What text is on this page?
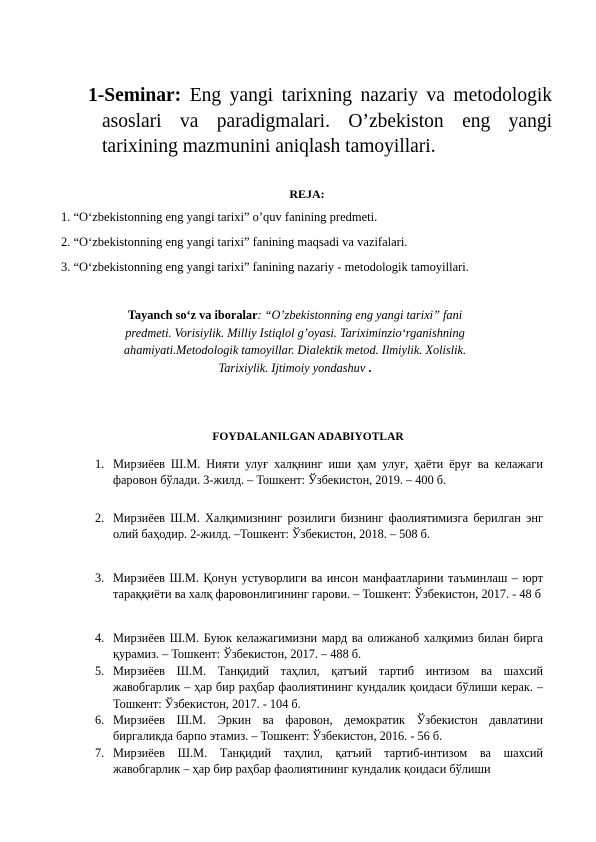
1-Seminar: Eng yangi tarixning nazariy va metodologik asoslari va paradigmalari. O’zbekiston eng yangi tarixining mazmunini aniqlash tamoyillari.
REJA:
1. “O‘zbekistonning eng yangi tarixi” o’quv fanining predmeti.
2. “O‘zbekistonning eng yangi tarixi” fanining maqsadi va vazifalari.
3. “O‘zbekistonning eng yangi tarixi” fanining nazariy - metodologik tamoyillari.
Tayanch so‘z va iboralar: “O’zbekistonning eng yangi tarixi” fani predmeti. Vorisiylik. Milliy Istiqlol g’oyasi. Tariximinzio‘rganishning ahamiyati.Metodologik tamoyillar. Dialektik metod. Ilmiylik. Xolislik. Tarixiylik. Ijtimoiy yondashuv .
FOYDALANILGAN ADABIYOTLAR
1. Мирзиёев Ш.М. Нияти улуғ халқнинг иши ҳам улуғ, ҳаёти ёруғ ва келажаги фаровон бўлади. 3-жилд. – Тошкент: Ўзбекистон, 2019. – 400 б.
2. Мирзиёев Ш.М. Халқимизнинг розилиги бизнинг фаолиятимизга берилган энг олий баҳодир. 2-жилд. –Тошкент: Ўзбекистон, 2018. – 508 б.
3. Мирзиёев Ш.М. Қонун устуворлиги ва инсон манфаатларини таъминлаш – юрт тараққиёти ва халқ фаровонлигининг гарови. – Тошкент: Ўзбекистон, 2017. - 48 б
4. Мирзиёев Ш.М. Буюк келажагимизни мард ва олижаноб халқимиз билан бирга қурамиз. – Тошкент: Ўзбекистон, 2017. – 488 б.
5. Мирзиёев Ш.М. Танқидий таҳлил, қатъий тартиб интизом ва шахсий жавобгарлик – ҳар бир раҳбар фаолиятининг кундалик қоидаси бўлиши керак. – Тошкент: Ўзбекистон, 2017. - 104 б.
6. Мирзиёев Ш.М. Эркин ва фаровон, демократик Ўзбекистон давлатини биргаликда барпо этамиз. – Тошкент: Ўзбекистон, 2016. - 56 б.
7. Мирзиёев Ш.М. Танқидий таҳлил, қатъий тартиб-интизом ва шахсий жавобгарлик – ҳар бир раҳбар фаолиятининг кундалик қоидаси бўлиши
